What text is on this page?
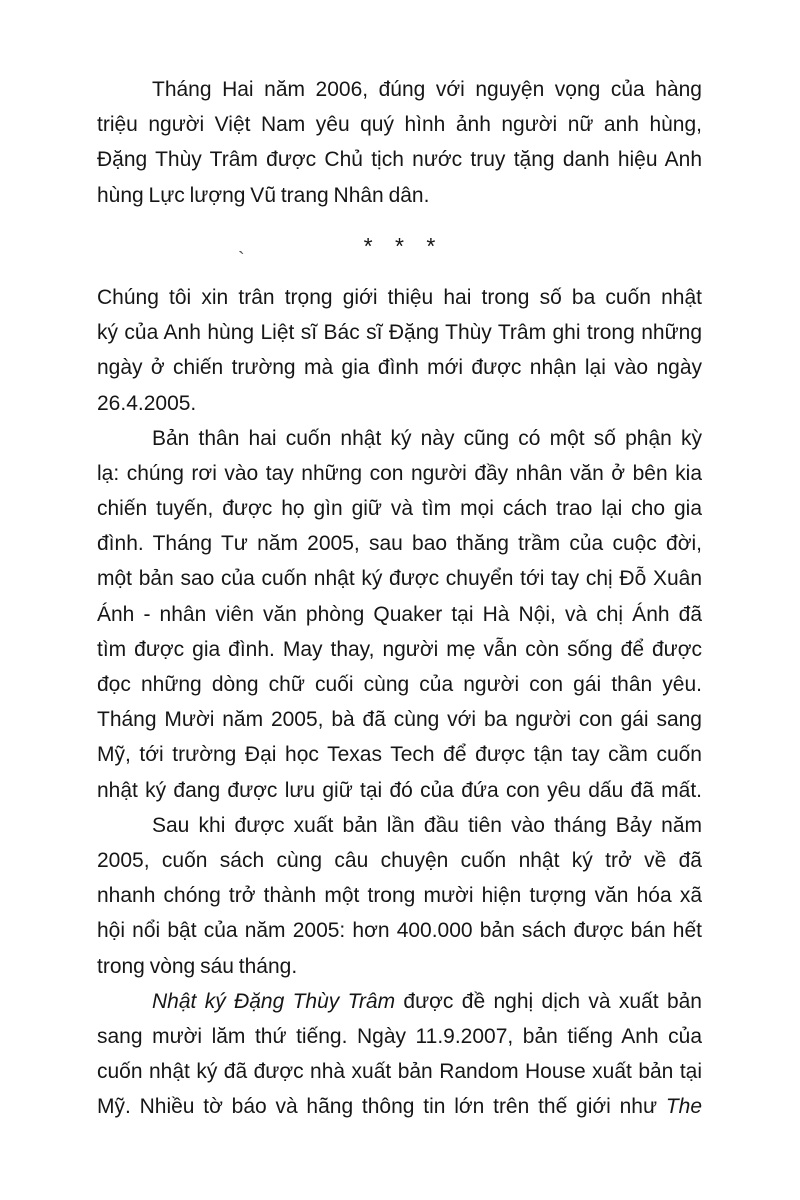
Tháng Hai năm 2006, đúng với nguyện vọng của hàng
triệu người Việt Nam yêu quý hình ảnh người nữ anh hùng,
Đặng Thùy Trâm được Chủ tịch nước truy tặng danh hiệu Anh
hùng Lực lượng Vũ trang Nhân dân.
* * *
Chúng tôi xin trân trọng giới thiệu hai trong số ba cuốn nhật
ký của Anh hùng Liệt sĩ Bác sĩ Đặng Thùy Trâm ghi trong những
ngày ở chiến trường mà gia đình mới được nhận lại vào ngày
26.4.2005.
Bản thân hai cuốn nhật ký này cũng có một số phận kỳ
lạ: chúng rơi vào tay những con người đầy nhân văn ở bên kia
chiến tuyến, được họ gìn giữ và tìm mọi cách trao lại cho gia
đình. Tháng Tư năm 2005, sau bao thăng trầm của cuộc đời,
một bản sao của cuốn nhật ký được chuyển tới tay chị Đỗ Xuân
Ánh - nhân viên văn phòng Quaker tại Hà Nội, và chị Ánh đã
tìm được gia đình. May thay, người mẹ vẫn còn sống để được
đọc những dòng chữ cuối cùng của người con gái thân yêu.
Tháng Mười năm 2005, bà đã cùng với ba người con gái sang
Mỹ, tới trường Đại học Texas Tech để được tận tay cầm cuốn
nhật ký đang được lưu giữ tại đó của đứa con yêu dấu đã mất.
Sau khi được xuất bản lần đầu tiên vào tháng Bảy năm
2005, cuốn sách cùng câu chuyện cuốn nhật ký trở về đã
nhanh chóng trở thành một trong mười hiện tượng văn hóa xã
hội nổi bật của năm 2005: hơn 400.000 bản sách được bán hết
trong vòng sáu tháng.
Nhật ký Đặng Thùy Trâm được đề nghị dịch và xuất bản
sang mười lăm thứ tiếng. Ngày 11.9.2007, bản tiếng Anh của
cuốn nhật ký đã được nhà xuất bản Random House xuất bản tại
Mỹ. Nhiều tờ báo và hãng thông tin lớn trên thế giới như The
`
